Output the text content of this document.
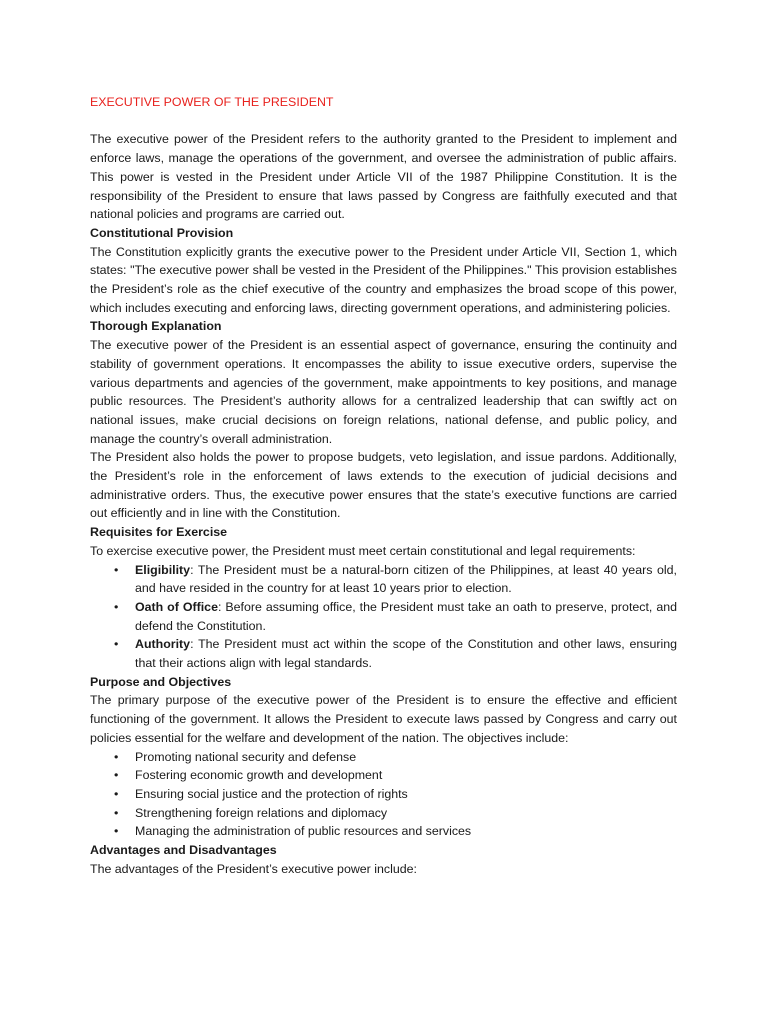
EXECUTIVE POWER OF THE PRESIDENT

The executive power of the President refers to the authority granted to the President to implement and enforce laws, manage the operations of the government, and oversee the administration of public affairs. This power is vested in the President under Article VII of the 1987 Philippine Constitution. It is the responsibility of the President to ensure that laws passed by Congress are faithfully executed and that national policies and programs are carried out.

Constitutional Provision

The Constitution explicitly grants the executive power to the President under Article VII, Section 1, which states: "The executive power shall be vested in the President of the Philippines." This provision establishes the President’s role as the chief executive of the country and emphasizes the broad scope of this power, which includes executing and enforcing laws, directing government operations, and administering policies.

Thorough Explanation

The executive power of the President is an essential aspect of governance, ensuring the continuity and stability of government operations. It encompasses the ability to issue executive orders, supervise the various departments and agencies of the government, make appointments to key positions, and manage public resources. The President’s authority allows for a centralized leadership that can swiftly act on national issues, make crucial decisions on foreign relations, national defense, and public policy, and manage the country’s overall administration.

The President also holds the power to propose budgets, veto legislation, and issue pardons. Additionally, the President’s role in the enforcement of laws extends to the execution of judicial decisions and administrative orders. Thus, the executive power ensures that the state’s executive functions are carried out efficiently and in line with the Constitution.

Requisites for Exercise

To exercise executive power, the President must meet certain constitutional and legal requirements:

• Eligibility: The President must be a natural-born citizen of the Philippines, at least 40 years old, and have resided in the country for at least 10 years prior to election.
• Oath of Office: Before assuming office, the President must take an oath to preserve, protect, and defend the Constitution.
• Authority: The President must act within the scope of the Constitution and other laws, ensuring that their actions align with legal standards.
Purpose and Objectives

The primary purpose of the executive power of the President is to ensure the effective and efficient functioning of the government. It allows the President to execute laws passed by Congress and carry out policies essential for the welfare and development of the nation. The objectives include:

• Promoting national security and defense
• Fostering economic growth and development
• Ensuring social justice and the protection of rights
• Strengthening foreign relations and diplomacy
• Managing the administration of public resources and services
Advantages and Disadvantages

The advantages of the President’s executive power include:
